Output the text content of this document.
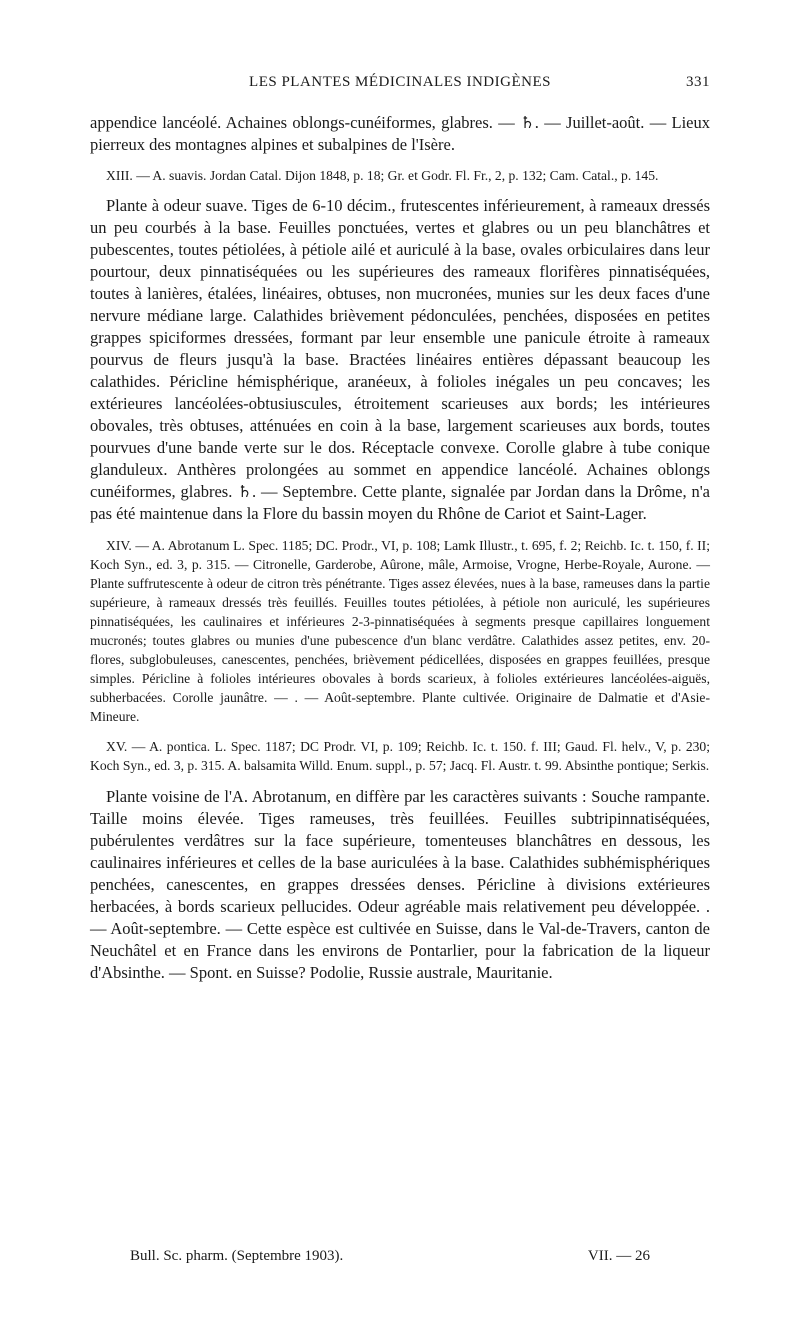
LES PLANTES MÉDICINALES INDIGÈNES	331

appendice lancéolé. Achaines oblongs-cunéiformes, glabres. — ♄. — Juillet-août. — Lieux pierreux des montagnes alpines et subalpines de l'Isère.

XIII. — A. suavis. Jordan Catal. Dijon 1848, p. 18; Gr. et Godr. Fl. Fr., 2, p. 132; Cam. Catal., p. 145.

Plante à odeur suave. Tiges de 6-10 décim., frutescentes inférieurement, à rameaux dressés un peu courbés à la base. Feuilles ponctuées, vertes et glabres ou un peu blanchâtres et pubescentes, toutes pétiolées, à pétiole ailé et auriculé à la base, ovales orbiculaires dans leur pourtour, deux pinnatiséquées ou les supérieures des rameaux florifères pinnatiséquées, toutes à lanières, étalées, linéaires, obtuses, non mucronées, munies sur les deux faces d'une nervure médiane large. Calathides brièvement pédonculées, penchées, disposées en petites grappes spiciformes dressées, formant par leur ensemble une panicule étroite à rameaux pourvus de fleurs jusqu'à la base. Bractées linéaires entières dépassant beaucoup les calathides. Péricline hémisphérique, aranéeux, à folioles inégales un peu concaves; les extérieures lancéolées-obtusiuscules, étroitement scarieuses aux bords; les intérieures obovales, très obtuses, atténuées en coin à la base, largement scarieuses aux bords, toutes pourvues d'une bande verte sur le dos. Réceptacle convexe. Corolle glabre à tube conique glanduleux. Anthères prolongées au sommet en appendice lancéolé. Achaines oblongs cunéiformes, glabres. ♄. — Septembre. Cette plante, signalée par Jordan dans la Drôme, n'a pas été maintenue dans la Flore du bassin moyen du Rhône de Cariot et Saint-Lager.

XIV. — A. Abrotanum L. Spec. 1185; DC. Prodr., VI, p. 108; Lamk Illustr., t. 695, f. 2; Reichb. Ic. t. 150, f. II; Koch Syn., ed. 3, p. 315. — Citronelle, Garderobe, Aûrone, mâle, Armoise, Vrogne, Herbe-Royale, Aurone. — Plante suffrutescente à odeur de citron très pénétrante. Tiges assez élevées, nues à la base, rameuses dans la partie supérieure, à rameaux dressés très feuillés. Feuilles toutes pétiolées, à pétiole non auriculé, les supérieures pinnatiséquées, les caulinaires et inférieures 2-3-pinnatiséquées à segments presque capillaires longuement mucronés; toutes glabres ou munies d'une pubescence d'un blanc verdâtre. Calathides assez petites, env. 20-flores, subglobuleuses, canescentes, penchées, brièvement pédicellées, disposées en grappes feuillées, presque simples. Péricline à folioles intérieures obovales à bords scarieux, à folioles extérieures lancéolées-aiguës, subherbacées. Corolle jaunâtre. — . — Août-septembre. Plante cultivée. Originaire de Dalmatie et d'Asie-Mineure.

XV. — A. pontica. L. Spec. 1187; DC Prodr. VI, p. 109; Reichb. Ic. t. 150. f. III; Gaud. Fl. helv., V, p. 230; Koch Syn., ed. 3, p. 315. A. balsamita Willd. Enum. suppl., p. 57; Jacq. Fl. Austr. t. 99. Absinthe pontique; Serkis.

Plante voisine de l'A. Abrotanum, en diffère par les caractères suivants : Souche rampante. Taille moins élevée. Tiges rameuses, très feuillées. Feuilles subtripinnatiséquées, pubérulentes verdâtres sur la face supérieure, tomenteuses blanchâtres en dessous, les caulinaires inférieures et celles de la base auriculées à la base. Calathides subhémisphériques penchées, canescentes, en grappes dressées denses. Péricline à divisions extérieures herbacées, à bords scarieux pellucides. Odeur agréable mais relativement peu développée. . — Août-septembre. — Cette espèce est cultivée en Suisse, dans le Val-de-Travers, canton de Neuchâtel et en France dans les environs de Pontarlier, pour la fabrication de la liqueur d'Absinthe. — Spont. en Suisse? Podolie, Russie australe, Mauritanie.

Bull. Sc. pharm. (Septembre 1903).	VII. — 26
